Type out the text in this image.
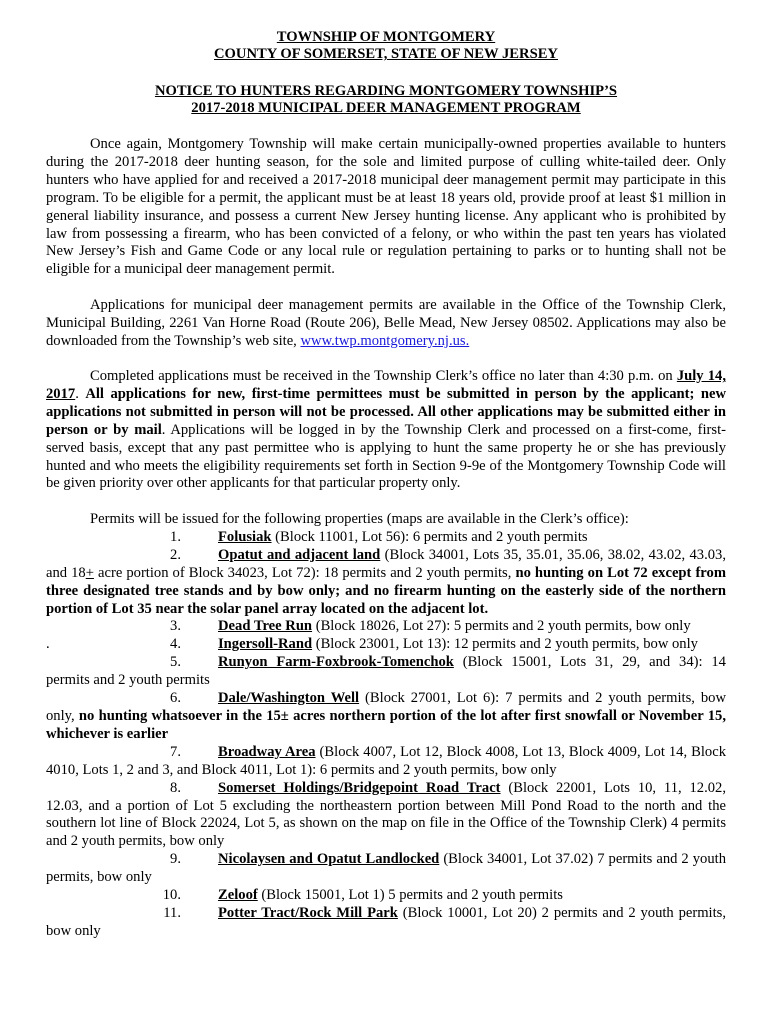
TOWNSHIP OF MONTGOMERY
COUNTY OF SOMERSET, STATE OF NEW JERSEY
NOTICE TO HUNTERS REGARDING MONTGOMERY TOWNSHIP’S
2017-2018 MUNICIPAL DEER MANAGEMENT PROGRAM

Once again, Montgomery Township will make certain municipally-owned properties available to hunters during the 2017-2018 deer hunting season, for the sole and limited purpose of culling white-tailed deer. Only hunters who have applied for and received a 2017-2018 municipal deer management permit may participate in this program. To be eligible for a permit, the applicant must be at least 18 years old, provide proof at least $1 million in general liability insurance, and possess a current New Jersey hunting license. Any applicant who is prohibited by law from possessing a firearm, who has been convicted of a felony, or who within the past ten years has violated New Jersey’s Fish and Game Code or any local rule or regulation pertaining to parks or to hunting shall not be eligible for a municipal deer management permit.

Applications for municipal deer management permits are available in the Office of the Township Clerk, Municipal Building, 2261 Van Horne Road (Route 206), Belle Mead, New Jersey 08502. Applications may also be downloaded from the Township’s web site, www.twp.montgomery.nj.us.

Completed applications must be received in the Township Clerk’s office no later than 4:30 p.m. on July 14, 2017. All applications for new, first-time permittees must be submitted in person by the applicant; new applications not submitted in person will not be processed. All other applications may be submitted either in person or by mail. Applications will be logged in by the Township Clerk and processed on a first-come, first-served basis, except that any past permittee who is applying to hunt the same property he or she has previously hunted and who meets the eligibility requirements set forth in Section 9-9e of the Montgomery Township Code will be given priority over other applicants for that particular property only.

Permits will be issued for the following properties (maps are available in the Clerk’s office):

1.	Folusiak (Block 11001, Lot 56): 6 permits and 2 youth permits
2.	Opatut and adjacent land (Block 34001, Lots 35, 35.01, 35.06, 38.02, 43.02, 43.03, and 18+ acre portion of Block 34023, Lot 72): 18 permits and 2 youth permits, no hunting on Lot 72 except from three designated tree stands and by bow only; and no firearm hunting on the easterly side of the northern portion of Lot 35 near the solar panel array located on the adjacent lot.
3.	Dead Tree Run (Block 18026, Lot 27): 5 permits and 2 youth permits, bow only
.	4.	Ingersoll-Rand (Block 23001, Lot 13): 12 permits and 2 youth permits, bow only
5.	Runyon Farm-Foxbrook-Tomenchok (Block 15001, Lots 31, 29, and 34): 14 permits and 2 youth permits
6.	Dale/Washington Well (Block 27001, Lot 6): 7 permits and 2 youth permits, bow only, no hunting whatsoever in the 15± acres northern portion of the lot after first snowfall or November 15, whichever is earlier
7.	Broadway Area (Block 4007, Lot 12, Block 4008, Lot 13, Block 4009, Lot 14, Block 4010, Lots 1, 2 and 3, and Block 4011, Lot 1): 6 permits and 2 youth permits, bow only
8.	Somerset Holdings/Bridgepoint Road Tract (Block 22001, Lots 10, 11, 12.02, 12.03, and a portion of Lot 5 excluding the northeastern portion between Mill Pond Road to the north and the southern lot line of Block 22024, Lot 5, as shown on the map on file in the Office of the Township Clerk) 4 permits and 2 youth permits, bow only
9.	Nicolaysen and Opatut Landlocked (Block 34001, Lot 37.02) 7 permits and 2 youth permits, bow only
10.	Zeloof (Block 15001, Lot 1) 5 permits and 2 youth permits
11.	Potter Tract/Rock Mill Park (Block 10001, Lot 20) 2 permits and 2 youth permits, bow only
